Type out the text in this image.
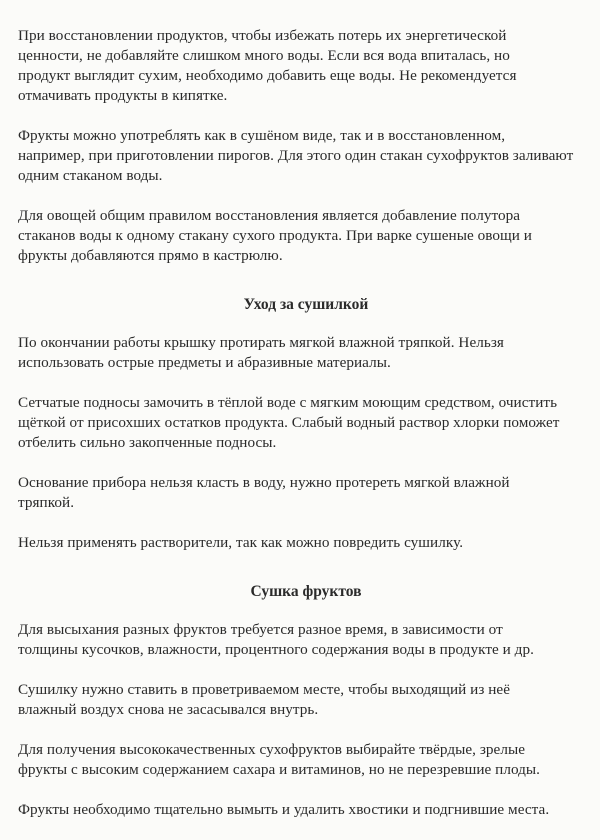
При восстановлении продуктов, чтобы избежать потерь их энергетической
ценности, не добавляйте слишком много воды. Если вся вода впиталась, но
продукт выглядит сухим, необходимо добавить еще воды. Не рекомендуется
отмачивать продукты в кипятке.

Фрукты можно употреблять как в сушёном виде, так и в восстановленном,
например, при приготовлении пирогов. Для этого один стакан сухофруктов заливают
одним стаканом воды.

Для овощей общим правилом восстановления является добавление полутора
стаканов воды к одному стакану сухого продукта. При варке сушеные овощи и
фрукты добавляются прямо в кастрюлю.

Уход за сушилкой

По окончании работы крышку протирать мягкой влажной тряпкой. Нельзя
использовать острые предметы и абразивные материалы.

Сетчатые подносы замочить в тёплой воде с мягким моющим средством, очистить
щёткой от присохших остатков продукта. Слабый водный раствор хлорки поможет
отбелить сильно закопченные подносы.

Основание прибора нельзя класть в воду, нужно протереть мягкой влажной
тряпкой.

Нельзя применять растворители, так как можно повредить сушилку.

Сушка фруктов

Для высыхания разных фруктов требуется разное время, в зависимости от
толщины кусочков, влажности, процентного содержания воды в продукте и др.

Сушилку нужно ставить в проветриваемом месте, чтобы выходящий из неё
влажный воздух снова не засасывался внутрь.

Для получения высококачественных сухофруктов выбирайте твёрдые, зрелые
фрукты с высоким содержанием сахара и витаминов, но не перезревшие плоды.

Фрукты необходимо тщательно вымыть и удалить хвостики и подгнившие места.
